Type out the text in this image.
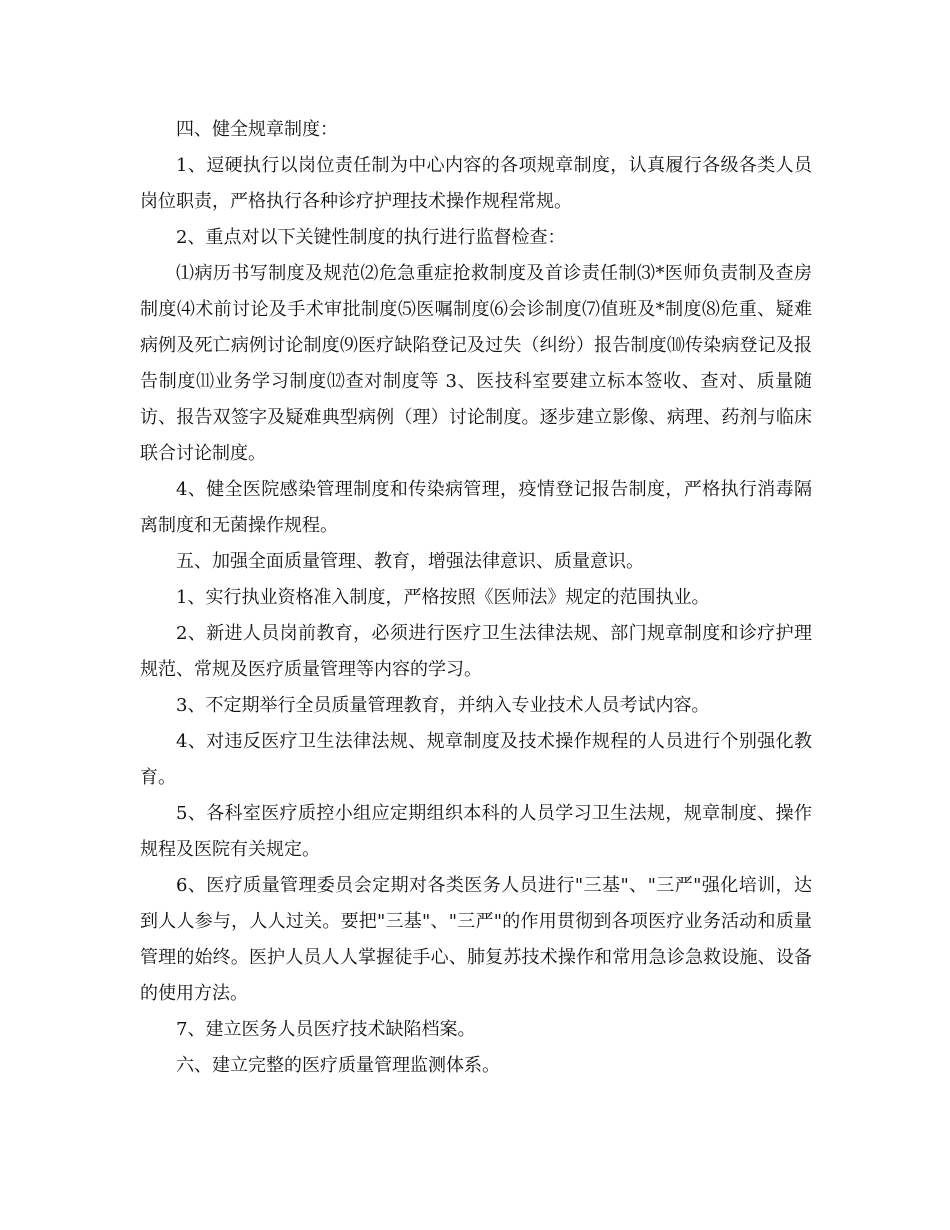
四、健全规章制度：

1、逗硬执行以岗位责任制为中心内容的各项规章制度，认真履行各级各类人员岗位职责，严格执行各种诊疗护理技术操作规程常规。

2、重点对以下关键性制度的执行进行监督检查：

⑴病历书写制度及规范⑵危急重症抢救制度及首诊责任制⑶*医师负责制及查房制度⑷术前讨论及手术审批制度⑸医嘱制度⑹会诊制度⑺值班及*制度⑻危重、疑难病例及死亡病例讨论制度⑼医疗缺陷登记及过失（纠纷）报告制度⑽传染病登记及报告制度⑾业务学习制度⑿查对制度等 3、医技科室要建立标本签收、查对、质量随访、报告双签字及疑难典型病例（理）讨论制度。逐步建立影像、病理、药剂与临床联合讨论制度。

4、健全医院感染管理制度和传染病管理，疫情登记报告制度，严格执行消毒隔离制度和无菌操作规程。

五、加强全面质量管理、教育，增强法律意识、质量意识。

1、实行执业资格准入制度，严格按照《医师法》规定的范围执业。

2、新进人员岗前教育，必须进行医疗卫生法律法规、部门规章制度和诊疗护理规范、常规及医疗质量管理等内容的学习。

3、不定期举行全员质量管理教育，并纳入专业技术人员考试内容。

4、对违反医疗卫生法律法规、规章制度及技术操作规程的人员进行个别强化教育。

5、各科室医疗质控小组应定期组织本科的人员学习卫生法规，规章制度、操作规程及医院有关规定。

6、医疗质量管理委员会定期对各类医务人员进行"三基"、"三严"强化培训，达到人人参与，人人过关。要把"三基"、"三严"的作用贯彻到各项医疗业务活动和质量管理的始终。医护人员人人掌握徒手心、肺复苏技术操作和常用急诊急救设施、设备的使用方法。

7、建立医务人员医疗技术缺陷档案。

六、建立完整的医疗质量管理监测体系。
